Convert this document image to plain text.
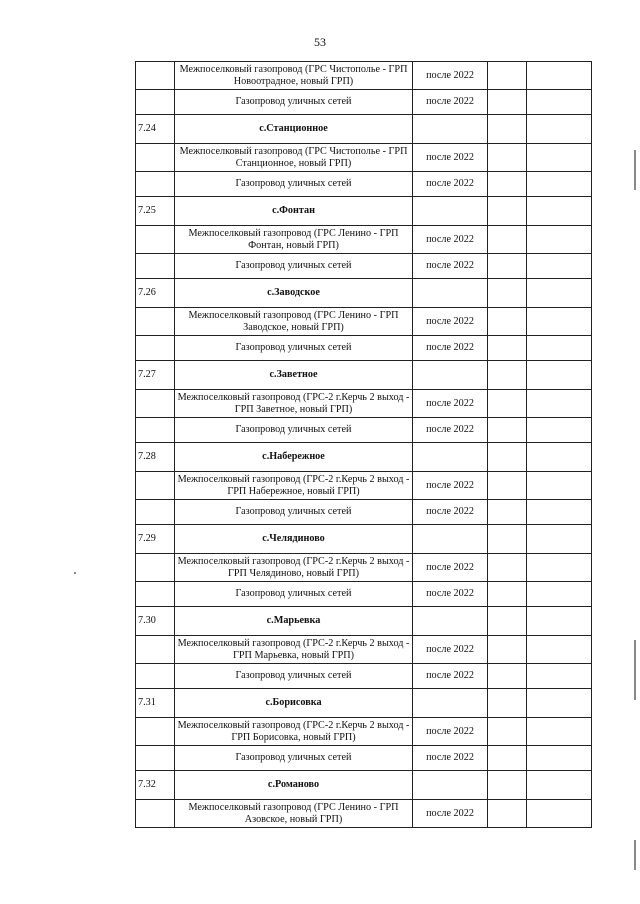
53
	Межпоселковый газопровод (ГРС Чистополье - ГРП Новоотрадное, новый ГРП)	после 2022		
	Газопровод уличных сетей	после 2022		
7.24	с.Станционное			
	Межпоселковый газопровод (ГРС Чистополье - ГРП Станционное, новый ГРП)	после 2022		
	Газопровод уличных сетей	после 2022		
7.25	с.Фонтан			
	Межпоселковый газопровод (ГРС Ленино - ГРП Фонтан, новый ГРП)	после 2022		
	Газопровод уличных сетей	после 2022		
7.26	с.Заводское			
	Межпоселковый газопровод (ГРС Ленино - ГРП Заводское, новый ГРП)	после 2022		
	Газопровод уличных сетей	после 2022		
7.27	с.Заветное			
	Межпоселковый газопровод (ГРС-2 г.Керчь 2 выход - ГРП Заветное, новый ГРП)	после 2022		
	Газопровод уличных сетей	после 2022		
7.28	с.Набережное			
	Межпоселковый газопровод (ГРС-2 г.Керчь 2 выход - ГРП Набережное, новый ГРП)	после 2022		
	Газопровод уличных сетей	после 2022		
7.29	с.Челядиново			
	Межпоселковый газопровод (ГРС-2 г.Керчь 2 выход - ГРП Челядиново, новый ГРП)	после 2022		
	Газопровод уличных сетей	после 2022		
7.30	с.Марьевка			
	Межпоселковый газопровод (ГРС-2 г.Керчь 2 выход - ГРП Марьевка, новый ГРП)	после 2022		
	Газопровод уличных сетей	после 2022		
7.31	с.Борисовка			
	Межпоселковый газопровод (ГРС-2 г.Керчь 2 выход - ГРП Борисовка, новый ГРП)	после 2022		
	Газопровод уличных сетей	после 2022		
7.32	с.Романово			
	Межпоселковый газопровод (ГРС Ленино - ГРП Азовское, новый ГРП)	после 2022		
